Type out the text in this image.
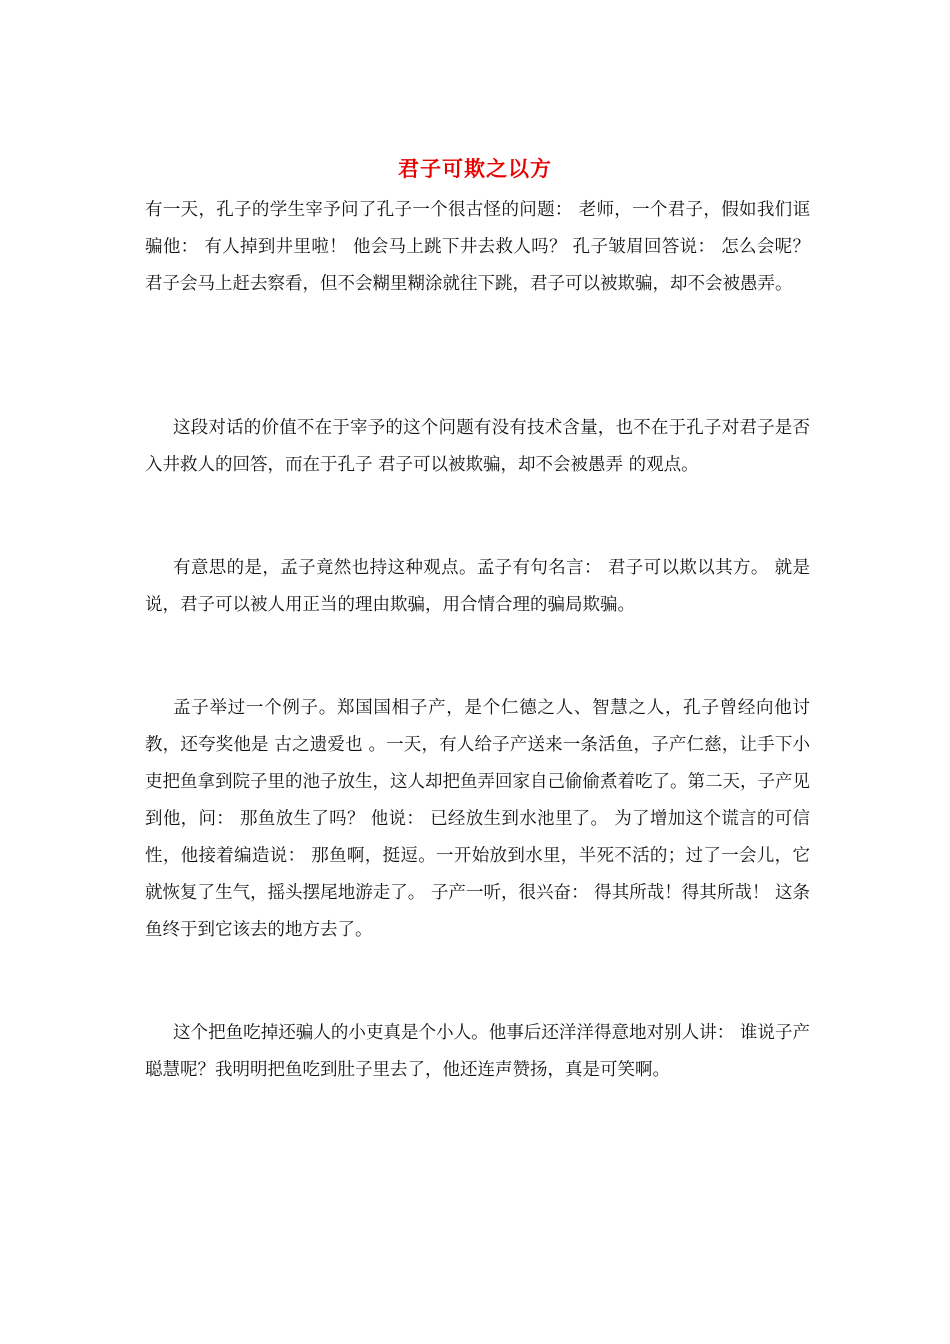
君子可欺之以方
有一天，孔子的学生宰予问了孔子一个很古怪的问题： 老师，一个君子，假如我们诓骗他： 有人掉到井里啦！ 他会马上跳下井去救人吗？ 孔子皱眉回答说： 怎么会呢？君子会马上赶去察看，但不会糊里糊涂就往下跳，君子可以被欺骗，却不会被愚弄。
这段对话的价值不在于宰予的这个问题有没有技术含量，也不在于孔子对君子是否入井救人的回答，而在于孔子 君子可以被欺骗，却不会被愚弄 的观点。
有意思的是，孟子竟然也持这种观点。孟子有句名言： 君子可以欺以其方。 就是说，君子可以被人用正当的理由欺骗，用合情合理的骗局欺骗。
孟子举过一个例子。郑国国相子产，是个仁德之人、智慧之人，孔子曾经向他讨教，还夸奖他是 古之遗爱也 。一天，有人给子产送来一条活鱼，子产仁慈，让手下小吏把鱼拿到院子里的池子放生，这人却把鱼弄回家自己偷偷煮着吃了。第二天，子产见到他，问： 那鱼放生了吗？ 他说： 已经放生到水池里了。 为了增加这个谎言的可信性，他接着编造说： 那鱼啊，挺逗。一开始放到水里，半死不活的；过了一会儿，它就恢复了生气，摇头摆尾地游走了。 子产一听，很兴奋： 得其所哉！得其所哉！ 这条鱼终于到它该去的地方去了。
这个把鱼吃掉还骗人的小吏真是个小人。他事后还洋洋得意地对别人讲： 谁说子产聪慧呢？我明明把鱼吃到肚子里去了，他还连声赞扬，真是可笑啊。
